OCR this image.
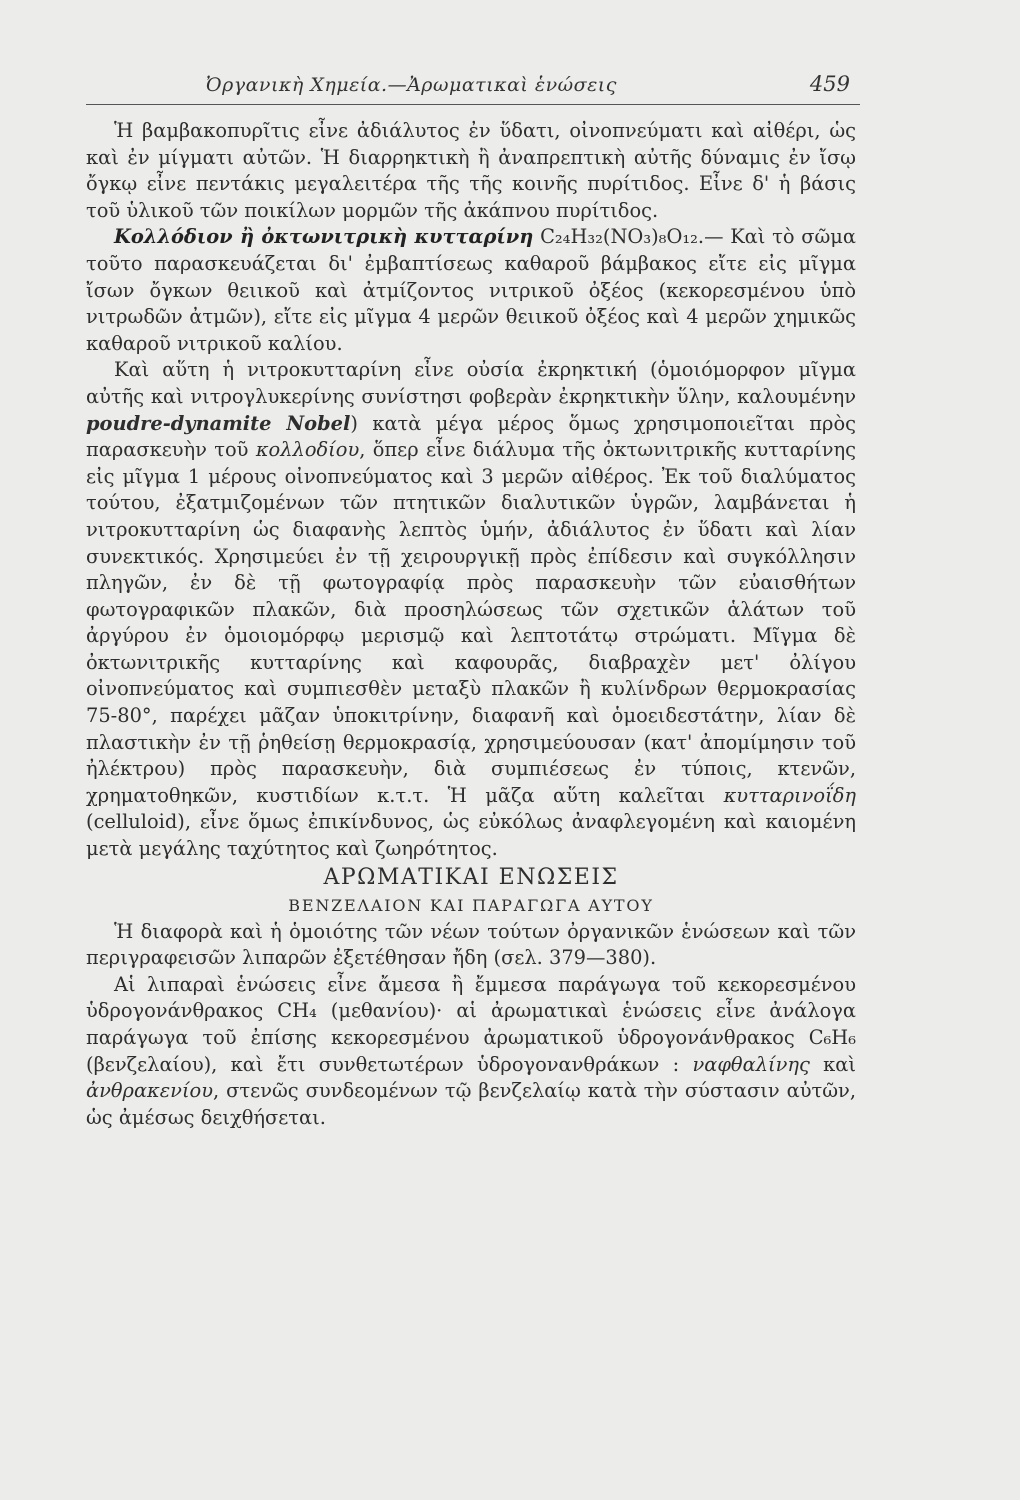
Ὀργανικὴ Χημεία.—Ἀρωματικαὶ ἑνώσεις	459

Ἡ βαμβακοπυρῖτις εἶνε ἀδιάλυτος ἐν ὕδατι, οἰνοπνεύματι καὶ αἰθέρι, ὡς καὶ ἐν μίγματι αὐτῶν. Ἡ διαρρηκτικὴ ἢ ἀναπρεπτικὴ αὐτῆς δύναμις ἐν ἴσῳ ὄγκῳ εἶνε πεντάκις μεγαλειτέρα τῆς τῆς κοινῆς πυρίτιδος. Εἶνε δ' ἡ βάσις τοῦ ὑλικοῦ τῶν ποικίλων μορμῶν τῆς ἀκάπνου πυρίτιδος.

Κολλόδιον ἢ ὀκτωνιτρικὴ κυτταρίνη C₂₄H₃₂(NO₃)₈O₁₂.— Καὶ τὸ σῶμα τοῦτο παρασκευάζεται δι' ἐμβαπτίσεως καθαροῦ βάμβακος εἴτε εἰς μῖγμα ἴσων ὄγκων θειικοῦ καὶ ἀτμίζοντος νιτρικοῦ ὀξέος (κεκορεσμένου ὑπὸ νιτρωδῶν ἀτμῶν), εἴτε εἰς μῖγμα 4 μερῶν θειικοῦ ὀξέος καὶ 4 μερῶν χημικῶς καθαροῦ νιτρικοῦ καλίου.

Καὶ αὕτη ἡ νιτροκυτταρίνη εἶνε οὐσία ἐκρηκτική (ὁμοιόμορφον μῖγμα αὐτῆς καὶ νιτρογλυκερίνης συνίστησι φοβερὰν ἐκρηκτικὴν ὕλην, καλουμένην poudre-dynamite Nobel) κατὰ μέγα μέρος ὅμως χρησιμοποιεῖται πρὸς παρασκευὴν τοῦ κολλοδίου, ὅπερ εἶνε διάλυμα τῆς ὀκτωνιτρικῆς κυτταρίνης εἰς μῖγμα 1 μέρους οἰνοπνεύματος καὶ 3 μερῶν αἰθέρος. Ἐκ τοῦ διαλύματος τούτου, ἐξατμιζομένων τῶν πτητικῶν διαλυτικῶν ὑγρῶν, λαμβάνεται ἡ νιτροκυτταρίνη ὡς διαφανὴς λεπτὸς ὑμήν, ἀδιάλυτος ἐν ὕδατι καὶ λίαν συνεκτικός. Χρησιμεύει ἐν τῇ χειρουργικῇ πρὸς ἐπίδεσιν καὶ συγκόλλησιν πληγῶν, ἐν δὲ τῇ φωτογραφίᾳ πρὸς παρασκευὴν τῶν εὐαισθήτων φωτογραφικῶν πλακῶν, διὰ προσηλώσεως τῶν σχετικῶν ἁλάτων τοῦ ἀργύρου ἐν ὁμοιομόρφῳ μερισμῷ καὶ λεπτοτάτῳ στρώματι. Μῖγμα δὲ ὀκτωνιτρικῆς κυτταρίνης καὶ καφουρᾶς, διαβραχὲν μετ' ὀλίγου οἰνοπνεύματος καὶ συμπιεσθὲν μεταξὺ πλακῶν ἢ κυλίνδρων θερμοκρασίας 75-80°, παρέχει μᾶζαν ὑποκιτρίνην, διαφανῆ καὶ ὁμοειδεστάτην, λίαν δὲ πλαστικὴν ἐν τῇ ῥηθείσῃ θερμοκρασίᾳ, χρησιμεύουσαν (κατ' ἀπομίμησιν τοῦ ἠλέκτρου) πρὸς παρασκευὴν, διὰ συμπιέσεως ἐν τύποις, κτενῶν, χρηματοθηκῶν, κυστιδίων κ.τ.τ. Ἡ μᾶζα αὕτη καλεῖται κυτταρινοΐδη (celluloid), εἶνε ὅμως ἐπικίνδυνος, ὡς εὐκόλως ἀναφλεγομένη καὶ καιομένη μετὰ μεγάλης ταχύτητος καὶ ζωηρότητος.

ΑΡΩΜΑΤΙΚΑΙ ΕΝΩΣΕΙΣ

ΒΕΝΖΕΛΑΙΟΝ ΚΑΙ ΠΑΡΑΓΩΓΑ ΑΥΤΟΥ

Ἡ διαφορὰ καὶ ἡ ὁμοιότης τῶν νέων τούτων ὀργανικῶν ἑνώσεων καὶ τῶν περιγραφεισῶν λιπαρῶν ἐξετέθησαν ἤδη (σελ. 379—380).

Αἱ λιπαραὶ ἑνώσεις εἶνε ἄμεσα ἢ ἔμμεσα παράγωγα τοῦ κεκορεσμένου ὑδρογονάνθρακος CH₄ (μεθανίου)· αἱ ἀρωματικαὶ ἑνώσεις εἶνε ἀνάλογα παράγωγα τοῦ ἐπίσης κεκορεσμένου ἀρωματικοῦ ὑδρογονάνθρακος C₆H₆ (βενζελαίου), καὶ ἔτι συνθετωτέρων ὑδρογονανθράκων : ναφθαλίνης καὶ ἀνθρακενίου, στενῶς συνδεομένων τῷ βενζελαίῳ κατὰ τὴν σύστασιν αὐτῶν, ὡς ἀμέσως δειχθήσεται.
